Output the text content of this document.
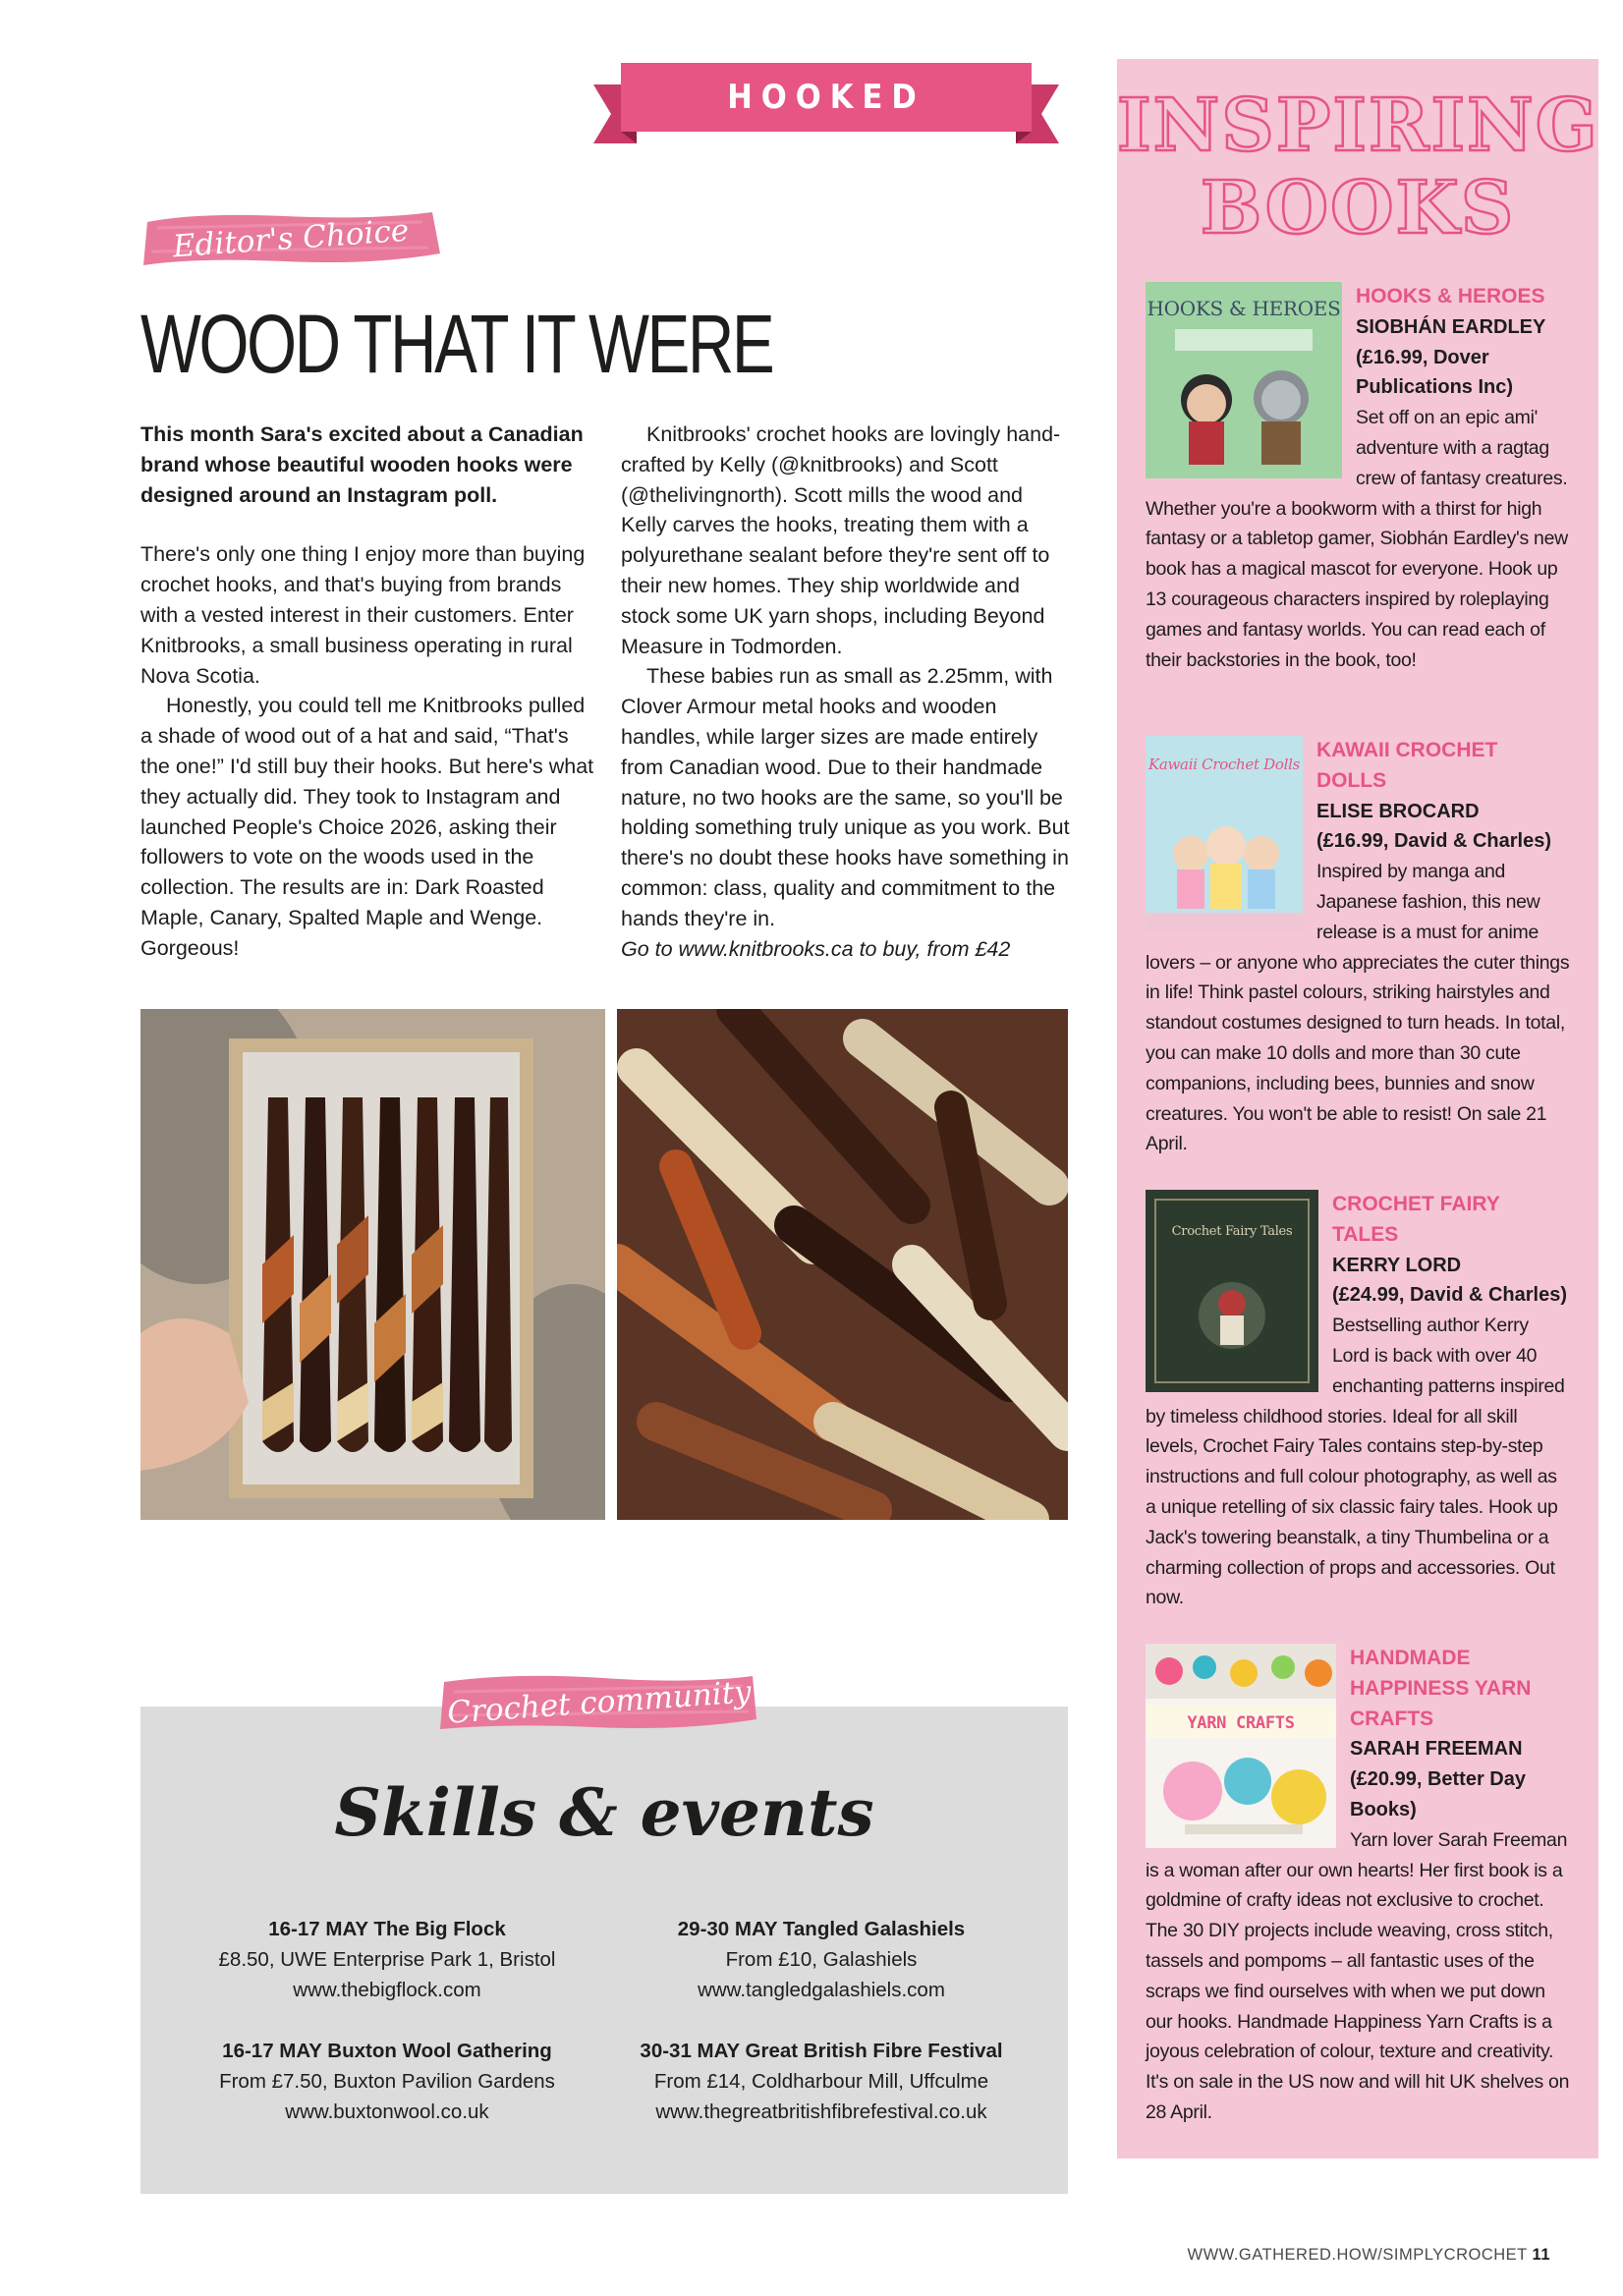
HOOKED
Editor's Choice
WOOD THAT IT WERE

This month Sara's excited about a Canadian brand whose beautiful wooden hooks were designed around an Instagram poll.

There's only one thing I enjoy more than buying crochet hooks, and that's buying from brands with a vested interest in their customers. Enter Knitbrooks, a small business operating in rural Nova Scotia.

Honestly, you could tell me Knitbrooks pulled a shade of wood out of a hat and said, “That's the one!” I'd still buy their hooks. But here's what they actually did. They took to Instagram and launched People's Choice 2026, asking their followers to vote on the woods used in the collection. The results are in: Dark Roasted Maple, Canary, Spalted Maple and Wenge. Gorgeous!

Knitbrooks' crochet hooks are lovingly hand-crafted by Kelly (@knitbrooks) and Scott (@thelivingnorth). Scott mills the wood and Kelly carves the hooks, treating them with a polyurethane sealant before they're sent off to their new homes. They ship worldwide and stock some UK yarn shops, including Beyond Measure in Todmorden.

These babies run as small as 2.25mm, with Clover Armour metal hooks and wooden handles, while larger sizes are made entirely from Canadian wood. Due to their handmade nature, no two hooks are the same, so you'll be holding something truly unique as you work. But there's no doubt these hooks have something in common: class, quality and commitment to the hands they're in.

Go to www.knitbrooks.ca to buy, from £42

Crochet community
Skills & events
16-17 MAY The Big Flock
£8.50, UWE Enterprise Park 1, Bristol
www.thebigflock.com
29-30 MAY Tangled Galashiels
From £10, Galashiels
www.tangledgalashiels.com
16-17 MAY Buxton Wool Gathering
From £7.50, Buxton Pavilion Gardens
www.buxtonwool.co.uk
30-31 MAY Great British Fibre Festival
From £14, Coldharbour Mill, Uffculme
www.thegreatbritishfibrefestival.co.uk
INSPIRING
BOOKS
HOOKS & HEROES

HOOKS & HEROES

SIOBHÁN EARDLEY

(£16.99, Dover Publications Inc)

Set off on an epic ami' adventure with a ragtag crew of fantasy creatures. Whether you're a bookworm with a thirst for high fantasy or a tabletop gamer, Siobhán Eardley's new book has a magical mascot for everyone. Hook up 13 courageous characters inspired by roleplaying games and fantasy worlds. You can read each of their backstories in the book, too!

Kawaii Crochet Dolls

KAWAII CROCHET DOLLS

ELISE BROCARD

(£16.99, David & Charles)

Inspired by manga and Japanese fashion, this new release is a must for anime lovers – or anyone who appreciates the cuter things in life! Think pastel colours, striking hairstyles and standout costumes designed to turn heads. In total, you can make 10 dolls and more than 30 cute companions, including bees, bunnies and snow creatures. You won't be able to resist! On sale 21 April.

Crochet Fairy Tales

CROCHET FAIRY TALES

KERRY LORD

(£24.99, David & Charles)

Bestselling author Kerry Lord is back with over 40 enchanting patterns inspired by timeless childhood stories. Ideal for all skill levels, Crochet Fairy Tales contains step-by-step instructions and full colour photography, as well as a unique retelling of six classic fairy tales. Hook up Jack's towering beanstalk, a tiny Thumbelina or a charming collection of props and accessories. Out now.

YARN CRAFTS

HANDMADE HAPPINESS YARN CRAFTS

SARAH FREEMAN

(£20.99, Better Day Books)

Yarn lover Sarah Freeman is a woman after our own hearts! Her first book is a goldmine of crafty ideas not exclusive to crochet. The 30 DIY projects include weaving, cross stitch, tassels and pompoms – all fantastic uses of the scraps we find ourselves with when we put down our hooks. Handmade Happiness Yarn Crafts is a joyous celebration of colour, texture and creativity. It's on sale in the US now and will hit UK shelves on 28 April.

WWW.GATHERED.HOW/SIMPLYCROCHET 11
